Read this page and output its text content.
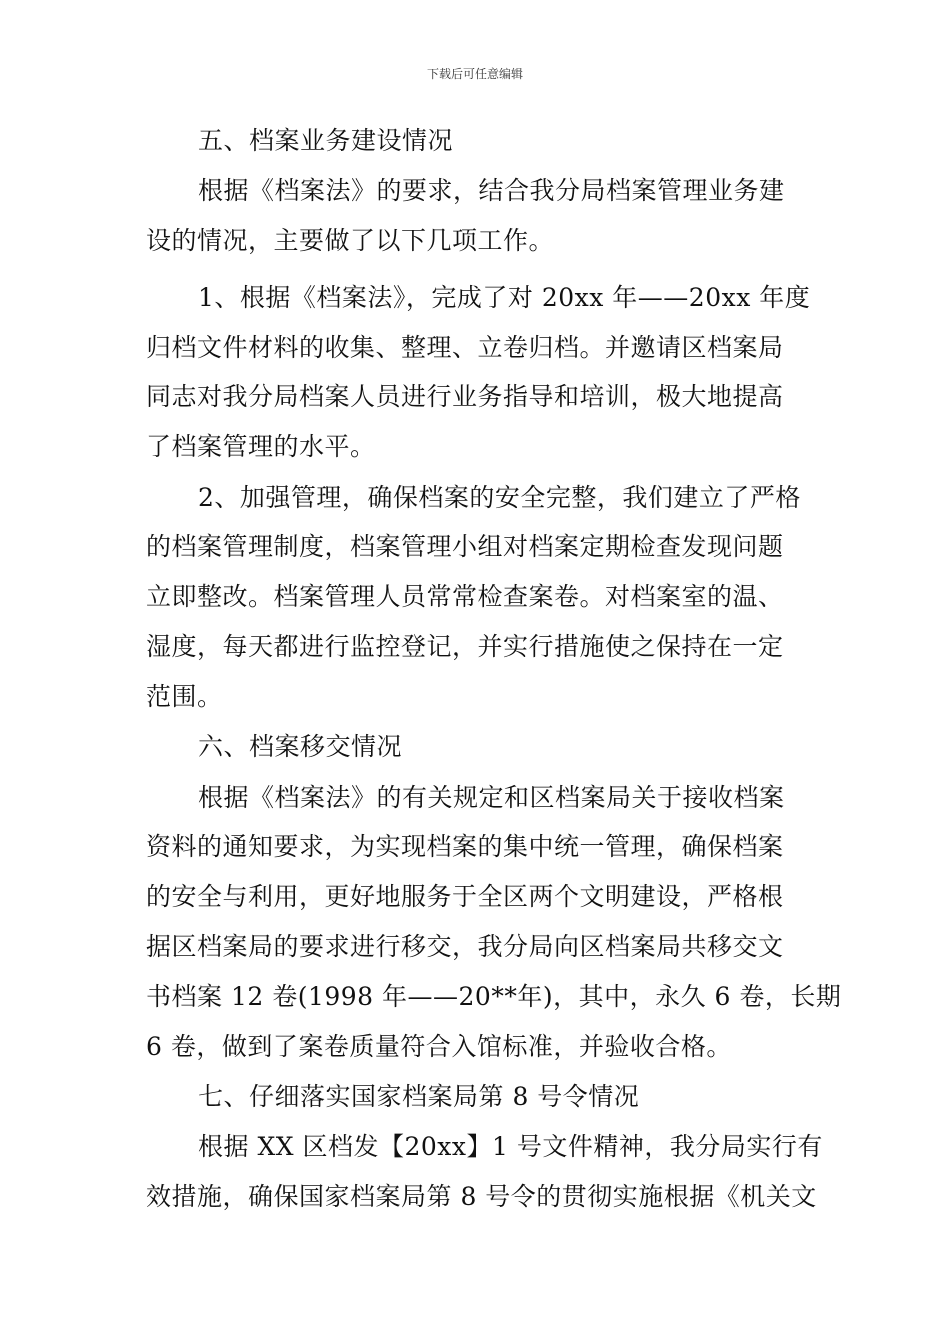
下载后可任意编辑
五、档案业务建设情况
根据《档案法》的要求，结合我分局档案管理业务建
设的情况，主要做了以下几项工作。
1、根据《档案法》，完成了对 20xx 年——20xx 年度
归档文件材料的收集、整理、立卷归档。并邀请区档案局
同志对我分局档案人员进行业务指导和培训，极大地提高
了档案管理的水平。
2、加强管理，确保档案的安全完整，我们建立了严格
的档案管理制度，档案管理小组对档案定期检查发现问题
立即整改。档案管理人员常常检查案卷。对档案室的温、
湿度，每天都进行监控登记，并实行措施使之保持在一定
范围。
六、档案移交情况
根据《档案法》的有关规定和区档案局关于接收档案
资料的通知要求，为实现档案的集中统一管理，确保档案
的安全与利用，更好地服务于全区两个文明建设，严格根
据区档案局的要求进行移交，我分局向区档案局共移交文
书档案 12 卷(1998 年——20**年)，其中，永久 6 卷，长期
6 卷，做到了案卷质量符合入馆标准，并验收合格。
七、仔细落实国家档案局第 8 号令情况
根据 XX 区档发【20xx】1 号文件精神，我分局实行有
效措施，确保国家档案局第 8 号令的贯彻实施根据《机关文
